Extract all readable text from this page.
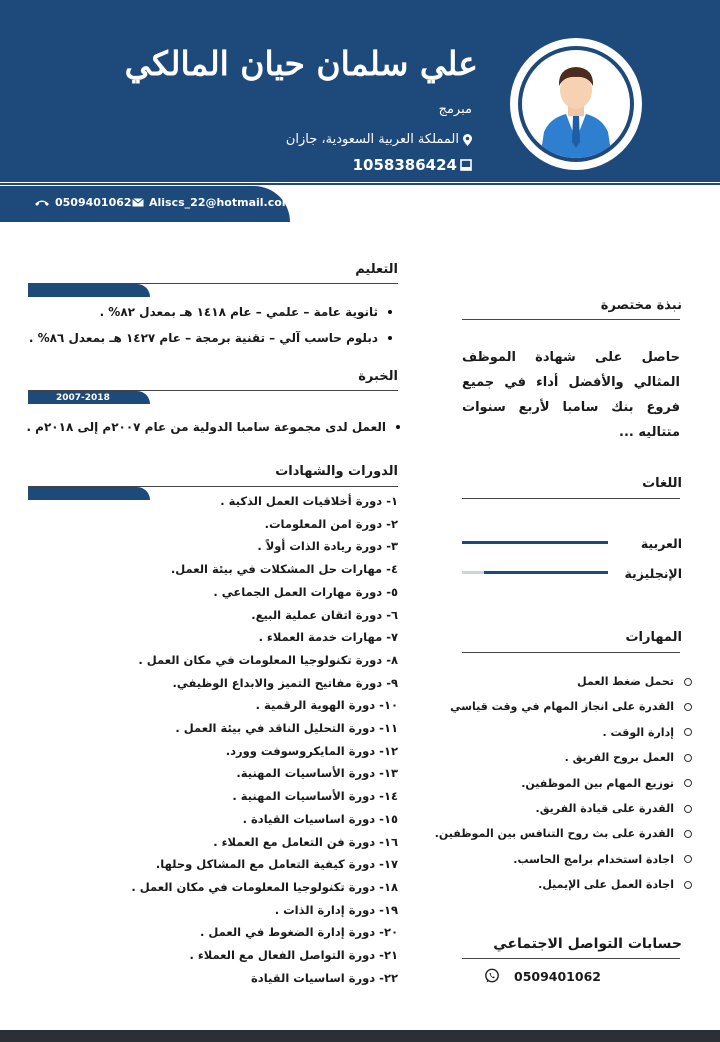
علي سلمان حيان المالكي
مبرمج
المملكة العربية السعودية، جازان
1058386424
0509401062 Aliscs_22@hotmail.com
التعليم
ثانوية عامة – علمي – عام ١٤١٨ هـ بمعدل ٨٢% .
دبلوم حاسب آلي – تقنية برمجة – عام ١٤٢٧ هـ بمعدل ٨٦% .
الخبرة
2007-2018
العمل لدى مجموعة سامبا الدولية من عام ٢٠٠٧م إلى ٢٠١٨م .
الدورات والشهادات
١- دورة أخلاقيات العمل الذكية .
٢- دورة امن المعلومات.
٣- دورة ريادة الذات أولاً .
٤- مهارات حل المشكلات في بيئة العمل.
٥- دورة مهارات العمل الجماعي .
٦- دورة اتقان عملية البيع.
٧- مهارات خدمة العملاء .
٨- دورة تكنولوجيا المعلومات في مكان العمل .
٩- دورة مفاتيح التميز والابداع الوظيفي.
١٠- دورة الهوية الرقمية .
١١- دورة التحليل الناقد في بيئة العمل .
١٢- دورة المايكروسوفت وورد.
١٣- دورة الأساسيات المهنية.
١٤- دورة الأساسيات المهنية .
١٥- دورة اساسيات القيادة .
١٦- دورة فن التعامل مع العملاء .
١٧- دورة كيفية التعامل مع المشاكل وحلها.
١٨- دورة تكنولوجيا المعلومات في مكان العمل .
١٩- دورة إدارة الذات .
٢٠- دورة إدارة الضغوط في العمل .
٢١- دورة التواصل الفعال مع العملاء .
٢٢- دورة اساسيات القيادة
نبذة مختصرة
حاصل على شهادة الموظف المثالي والأفضل أداء في جميع فروع بنك سامبا لأربع سنوات متتاليه ...
اللغات
العربية
الإنجليزية
المهارات
تحمل ضغط العمل
القدرة على انجاز المهام في وقت قياسي
إدارة الوقت .
العمل بروح الفريق .
توزيع المهام بين الموظفين.
القدرة على قيادة الفريق.
القدرة على بث روح التنافس بين الموظفين.
اجادة استخدام برامج الحاسب.
اجادة العمل على الإيميل.
حسابات التواصل الاجتماعي
0509401062
